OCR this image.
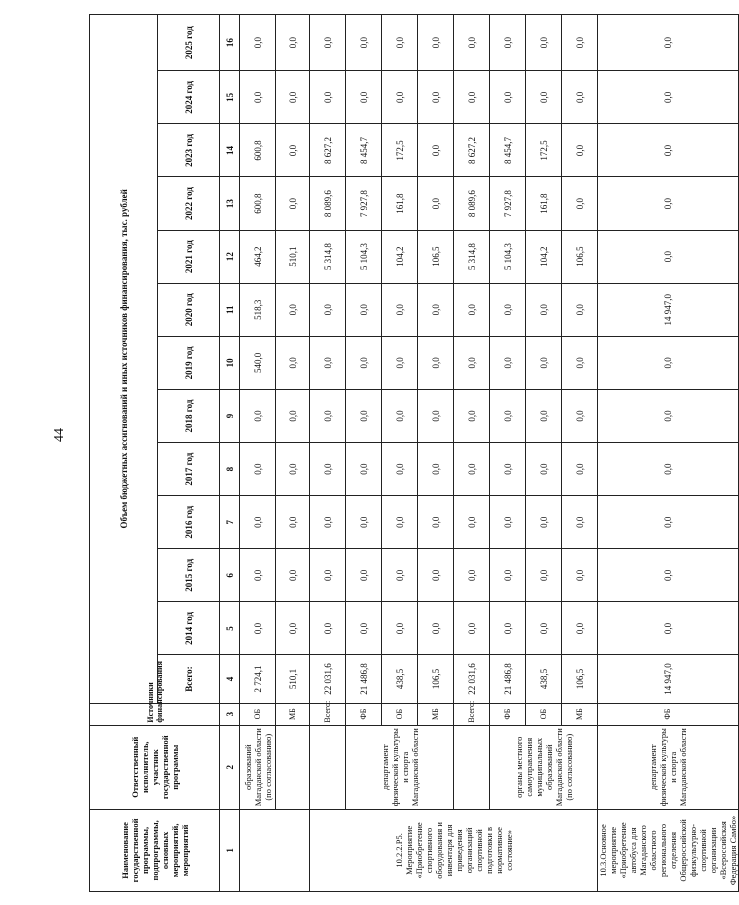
44
Наименование государственной программы, подпрограммы, основных мероприятий, мероприятий	Ответственный исполнитель, участник государственной программы	Источники финансирования	Объем бюджетных ассигнований и иных источников финансирования, тыс. рублей												
			Всего:	2014 год	2015 год	2016 год	2017 год	2018 год	2019 год	2020 год	2021 год	2022 год	2023 год	2024 год	2025 год
1	2	3	4	5	6	7	8	9	10	11	12	13	14	15	16
	образований Магаданской области (по согласованию)	ОБ	2 724,1	0,0	0,0	0,0	0,0	0,0	540,0	518,3	464,2	600,8	600,8	0,0	0,0
		МБ	510,1	0,0	0,0	0,0	0,0	0,0	0,0	0,0	510,1	0,0	0,0	0,0	0,0
10.2.2.Р5. Мероприятие «Приобретение спортивного оборудования и инвентаря для приведения организаций спортивной подготовки в нормативное состояние»		Всего:	22 031,6	0,0	0,0	0,0	0,0	0,0	0,0	0,0	5 314,8	8 089,6	8 627,2	0,0	0,0
	департамент физической культуры и спорта Магаданской области	ФБ	21 486,8	0,0	0,0	0,0	0,0	0,0	0,0	0,0	5 104,3	7 927,8	8 454,7	0,0	0,0
		ОБ	438,5	0,0	0,0	0,0	0,0	0,0	0,0	0,0	104,2	161,8	172,5	0,0	0,0
		МБ	106,5	0,0	0,0	0,0	0,0	0,0	0,0	0,0	106,5	0,0	0,0	0,0	0,0
		Всего:	22 031,6	0,0	0,0	0,0	0,0	0,0	0,0	0,0	5 314,8	8 089,6	8 627,2	0,0	0,0
	органы местного самоуправления муниципальных образований Магаданской области (по согласованию)	ФБ	21 486,8	0,0	0,0	0,0	0,0	0,0	0,0	0,0	5 104,3	7 927,8	8 454,7	0,0	0,0
		ОБ	438,5	0,0	0,0	0,0	0,0	0,0	0,0	0,0	104,2	161,8	172,5	0,0	0,0
		МБ	106,5	0,0	0,0	0,0	0,0	0,0	0,0	0,0	106,5	0,0	0,0	0,0	0,0
10.3.Основное мероприятие «Приобретение автобуса для Магаданского областного регионального отделения Общероссийской физкультурно-спортивной организации «Всероссийская Федерация Самбо»	департамент физической культуры и спорта Магаданской области	ФБ	14 947,0	0,0	0,0	0,0	0,0	0,0	0,0	14 947,0	0,0	0,0	0,0	0,0	0,0
